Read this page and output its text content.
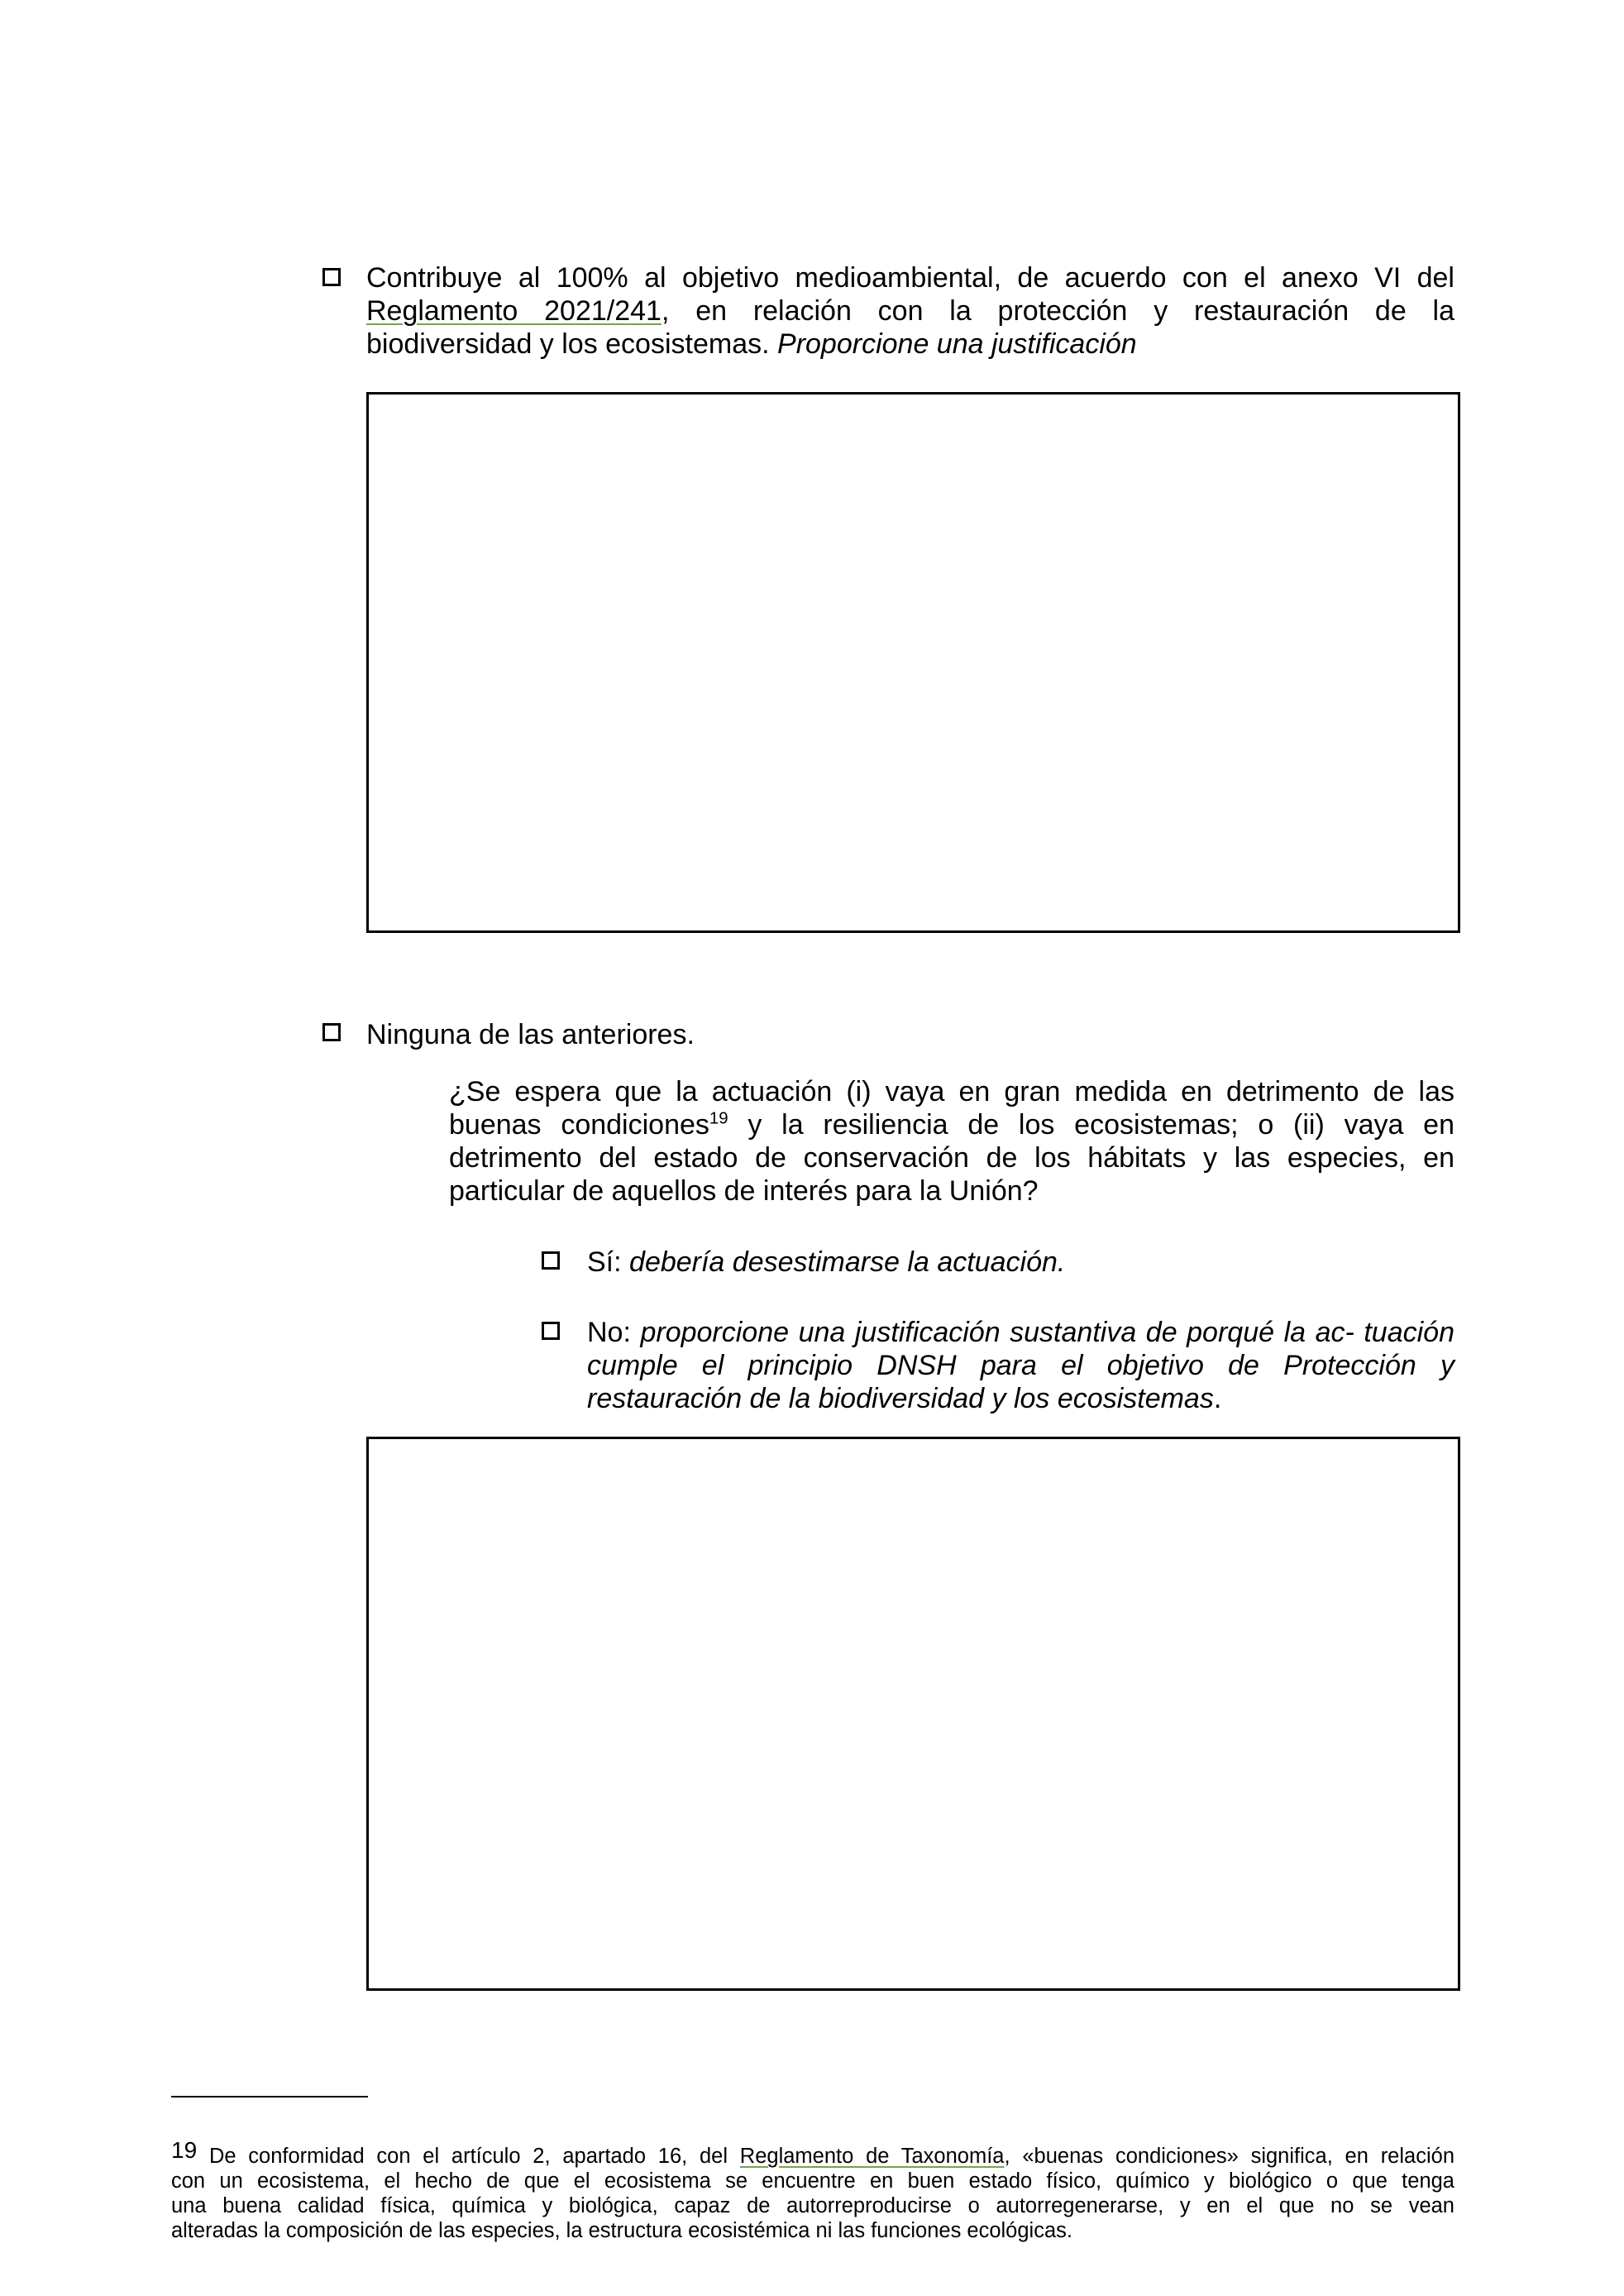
Contribuye al 100% al objetivo medioambiental, de acuerdo con el anexo VI del
Reglamento 2021/241, en relación con la protección y restauración de la
biodiversidad y los ecosistemas. Proporcione una justificación
Ninguna de las anteriores.
¿Se espera que la actuación (i) vaya en gran medida en detrimento de las
buenas condiciones$^{19}$ y la resiliencia de los ecosistemas; o (ii) vaya en
detrimento del estado de conservación de los hábitats y las especies, en
particular de aquellos de interés para la Unión?
Sí: debería desestimarse la actuación.
No: proporcione una justificación sustantiva de porqué la ac- tuación
cumple el principio DNSH para el objetivo de Protección y
restauración de la biodiversidad y los ecosistemas.
19 De conformidad con el artículo 2, apartado 16, del Reglamento de Taxonomía, «buenas condiciones» significa, en relación
con un ecosistema, el hecho de que el ecosistema se encuentre en buen estado físico, químico y biológico o que tenga
una buena calidad física, química y biológica, capaz de autorreproducirse o autorregenerarse, y en el que no se vean
alteradas la composición de las especies, la estructura ecosistémica ni las funciones ecológicas.
